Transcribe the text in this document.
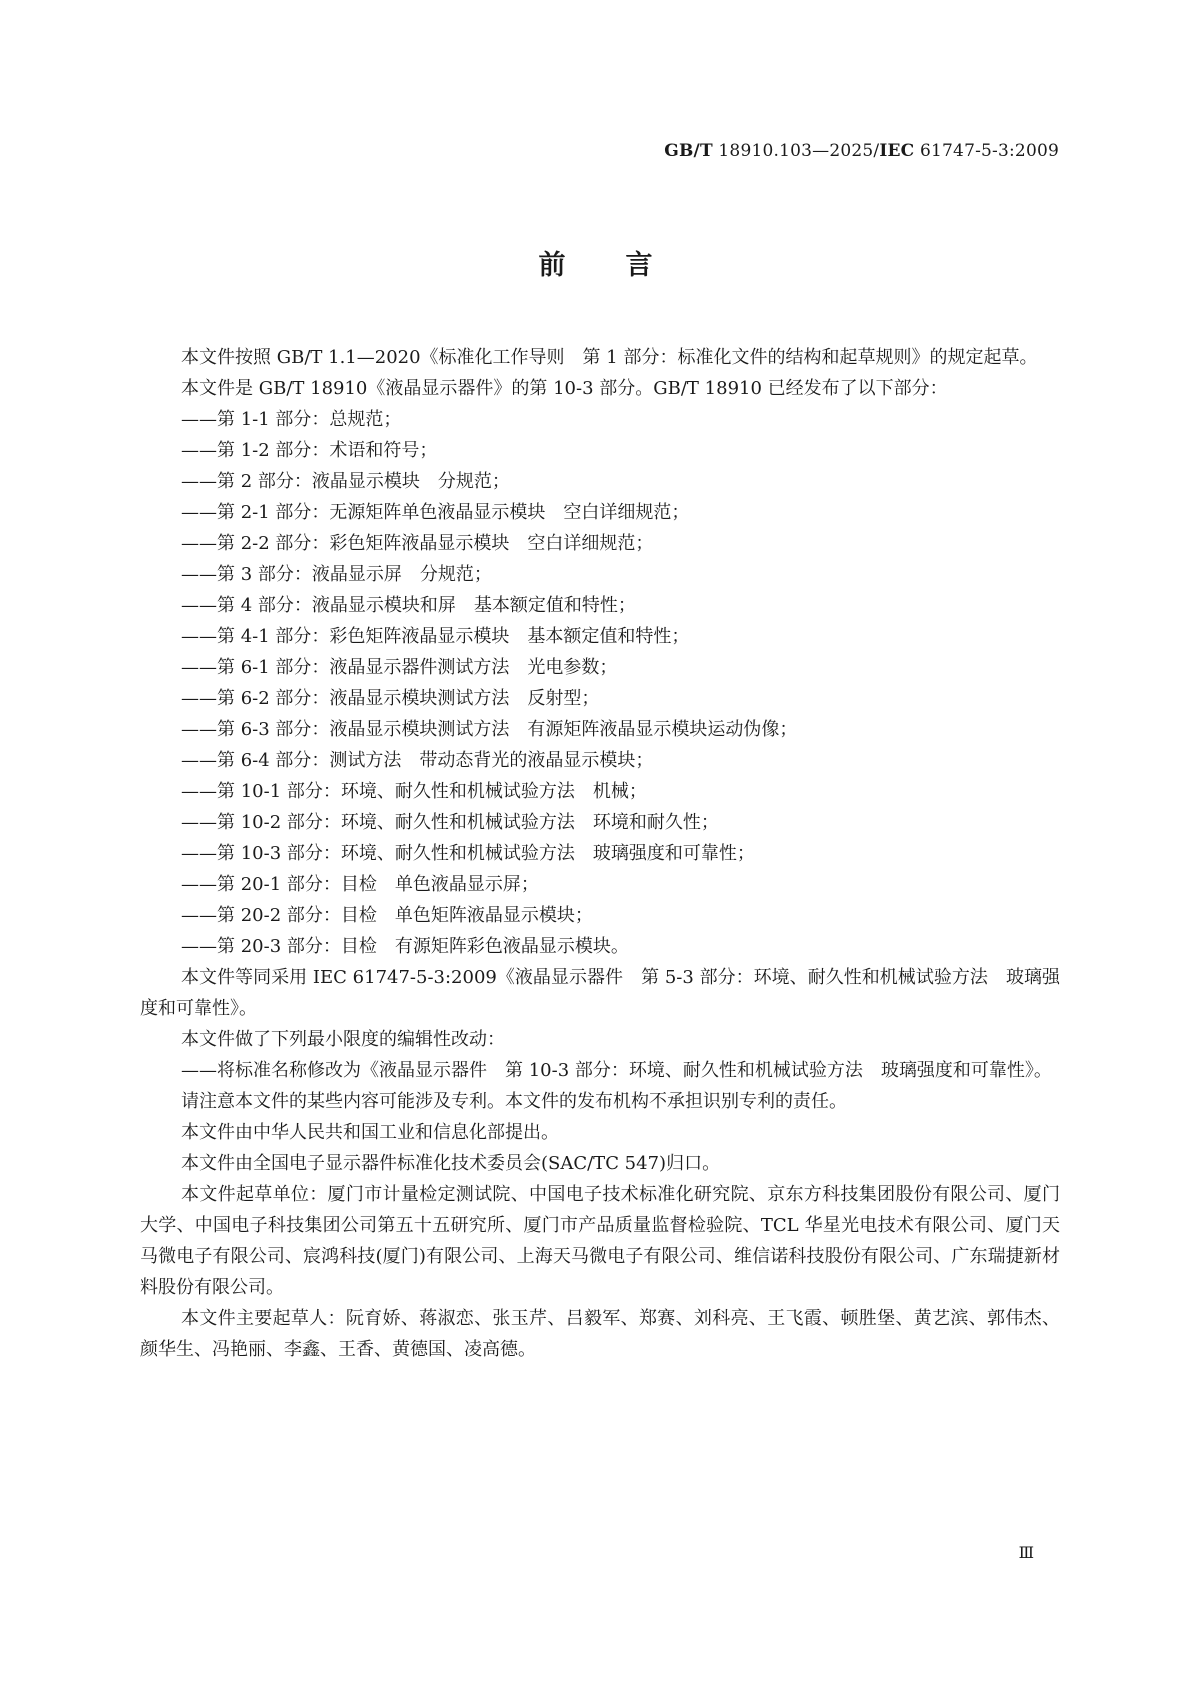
GB/T 18910.103—2025/IEC 61747-5-3:2009
前言

本文件按照 GB/T 1.1—2020《标准化工作导则　第 1 部分：标准化文件的结构和起草规则》的规定起草。

本文件是 GB/T 18910《液晶显示器件》的第 10-3 部分。GB/T 18910 已经发布了以下部分：

——第 1-1 部分：总规范；

——第 1-2 部分：术语和符号；

——第 2 部分：液晶显示模块　分规范；

——第 2-1 部分：无源矩阵单色液晶显示模块　空白详细规范；

——第 2-2 部分：彩色矩阵液晶显示模块　空白详细规范；

——第 3 部分：液晶显示屏　分规范；

——第 4 部分：液晶显示模块和屏　基本额定值和特性；

——第 4-1 部分：彩色矩阵液晶显示模块　基本额定值和特性；

——第 6-1 部分：液晶显示器件测试方法　光电参数；

——第 6-2 部分：液晶显示模块测试方法　反射型；

——第 6-3 部分：液晶显示模块测试方法　有源矩阵液晶显示模块运动伪像；

——第 6-4 部分：测试方法　带动态背光的液晶显示模块；

——第 10-1 部分：环境、耐久性和机械试验方法　机械；

——第 10-2 部分：环境、耐久性和机械试验方法　环境和耐久性；

——第 10-3 部分：环境、耐久性和机械试验方法　玻璃强度和可靠性；

——第 20-1 部分：目检　单色液晶显示屏；

——第 20-2 部分：目检　单色矩阵液晶显示模块；

——第 20-3 部分：目检　有源矩阵彩色液晶显示模块。

本文件等同采用 IEC 61747-5-3:2009《液晶显示器件　第 5-3 部分：环境、耐久性和机械试验方法　玻璃强度和可靠性》。

本文件做了下列最小限度的编辑性改动：

——将标准名称修改为《液晶显示器件　第 10-3 部分：环境、耐久性和机械试验方法　玻璃强度和可靠性》。

请注意本文件的某些内容可能涉及专利。本文件的发布机构不承担识别专利的责任。

本文件由中华人民共和国工业和信息化部提出。

本文件由全国电子显示器件标准化技术委员会(SAC/TC 547)归口。

本文件起草单位：厦门市计量检定测试院、中国电子技术标准化研究院、京东方科技集团股份有限公司、厦门大学、中国电子科技集团公司第五十五研究所、厦门市产品质量监督检验院、TCL 华星光电技术有限公司、厦门天马微电子有限公司、宸鸿科技(厦门)有限公司、上海天马微电子有限公司、维信诺科技股份有限公司、广东瑞捷新材料股份有限公司。

本文件主要起草人：阮育娇、蒋淑恋、张玉芹、吕毅军、郑赛、刘科亮、王飞霞、顿胜堡、黄艺滨、郭伟杰、颜华生、冯艳丽、李鑫、王香、黄德国、凌高德。

Ⅲ
